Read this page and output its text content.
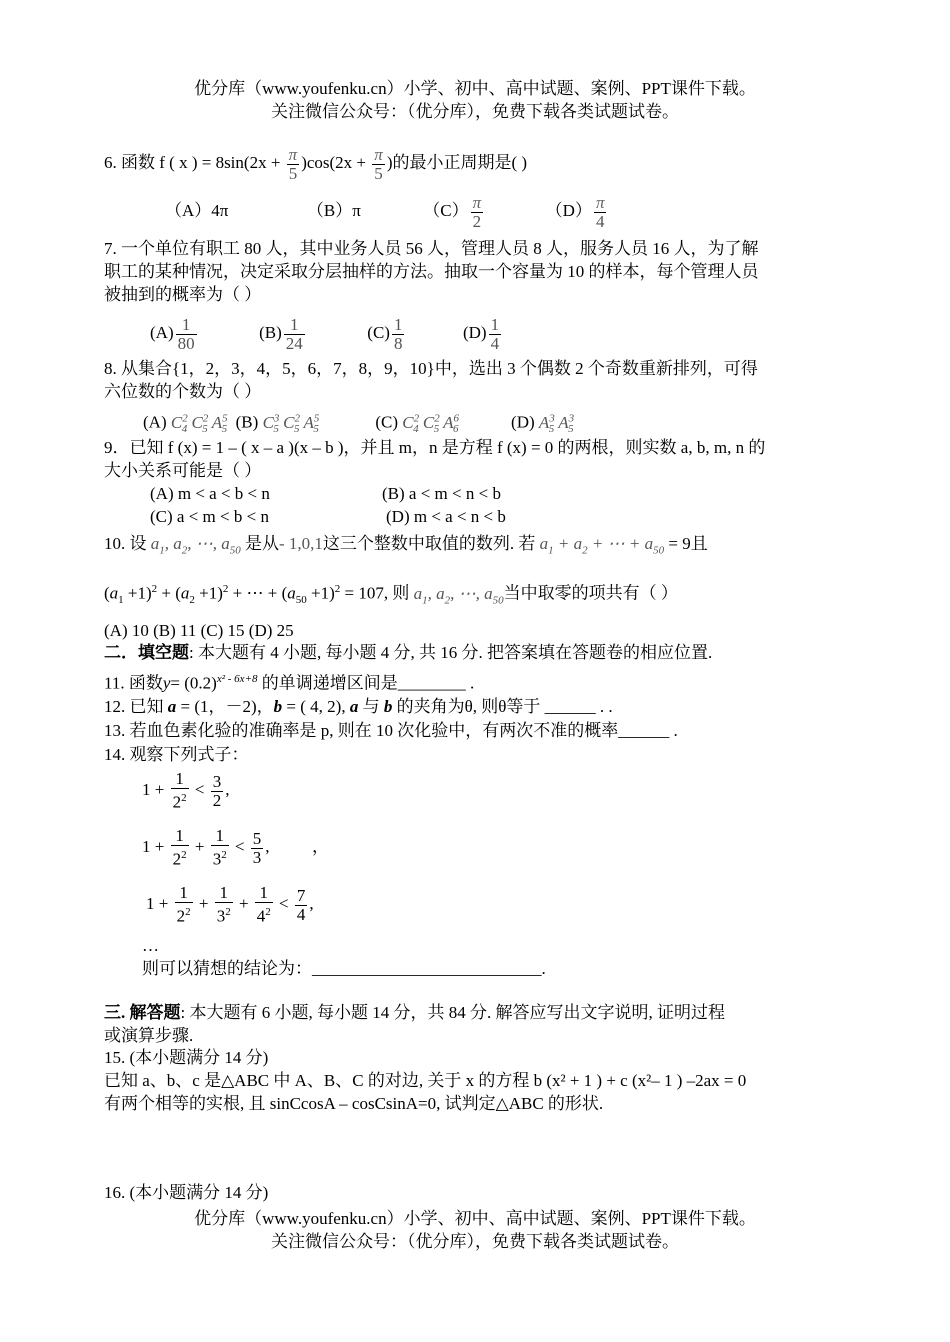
优分库（www.youfenku.cn）小学、初中、高中试题、案例、PPT课件下载。
关注微信公众号：（优分库），免费下载各类试题试卷。
6. 函数 f ( x ) = $8\sin(2x + \frac{\pi}{5} )\cos(2x + \frac{\pi}{5}$ )的最小正周期是( )
（A）4π	（B）π	$(C) \frac{\pi}{2}$	$(D) \frac{\pi}{4}$
7. 一个单位有职工 80 人，其中业务人员 56 人，管理人员 8 人，服务人员 16 人，为了解
职工的某种情况，决定采取分层抽样的方法。抽取一个容量为 10 的样本，每个管理人员
被抽到的概率为（ ）
$(A) \frac{1}{80}$	$(B) \frac{1}{24}$	$(C) \frac{1}{8}$	$(D) \frac{1}{4}$
8. 从集合{1，2，3，4，5，6，7，8，9，10}中，选出 3 个偶数 2 个奇数重新排列，可得
六位数的个数为（ ）
(A) $C^2_4$ $C^2_5$ $A^5_5$ (B) $C^3_5$ $C^2_5$ $A^5_5$	(C) $C^2_4$ $C^2_5$ $A^6_6$	(D) $A^3_5$ $A^3_5$
9．已知 f (x) = 1 – ( x – a )(x – b )，并且 m，n 是方程 f (x) = 0 的两根，则实数 a, b, m, n 的
大小关系可能是（ ）
(A) m < a < b < n	(B) a < m < n < b
(C) a < m < b < n	(D) m < a < n < b
10. 设 $a_1$, $a_2$, ⋯, $a_{50}$ 是从- 1,0,1这三个整数中取值的数列. 若 $a_1 + a_2$ + ⋯ + $a_{50} = 9$且
$(a_1 +1)^2 + (a_2 +1)^2$ + ⋯ + $(a_{50} +1)^2 = 107$, 则 $a_1$, $a_2$, ⋯, $a_{50}$当中取零的项共有（ ）
(A) 10 (B) 11 (C) 15 (D) 25
二．填空题: 本大题有 4 小题, 每小题 4 分, 共 16 分. 把答案填在答题卷的相应位置.
11. 函数$y= (0.2)^{x^2 - 6x+8}$ 的单调递增区间是________ .
12. 已知 a = (1，－2)，b = ( 4, 2), a 与 b 的夹角为θ, 则θ等于 ______ . .
13. 若血色素化验的准确率是 p, 则在 10 次化验中，有两次不准的概率______ .
14. 观察下列式子：
$1 + \frac{1}{2^2} < \frac{3}{2}$ ,
$1 + \frac{1}{2^2} + \frac{1}{3^2} < \frac{5}{3}$ , ，
$1 + \frac{1}{2^2} + \frac{1}{3^2} + \frac{1}{4^2} < \frac{7}{4}$ ,
…
则可以猜想的结论为：___________________________.
三. 解答题: 本大题有 6 小题, 每小题 14 分，共 84 分. 解答应写出文字说明, 证明过程
或演算步骤.
15. (本小题满分 14 分)
已知 a、b、c 是△ABC 中 A、B、C 的对边, 关于 x 的方程 b (x² + 1 ) + c (x²– 1 ) –2ax = 0
有两个相等的实根, 且 sinCcosA – cosCsinA=0, 试判定△ABC 的形状.
16. (本小题满分 14 分)
优分库（www.youfenku.cn）小学、初中、高中试题、案例、PPT课件下载。
关注微信公众号：（优分库），免费下载各类试题试卷。
